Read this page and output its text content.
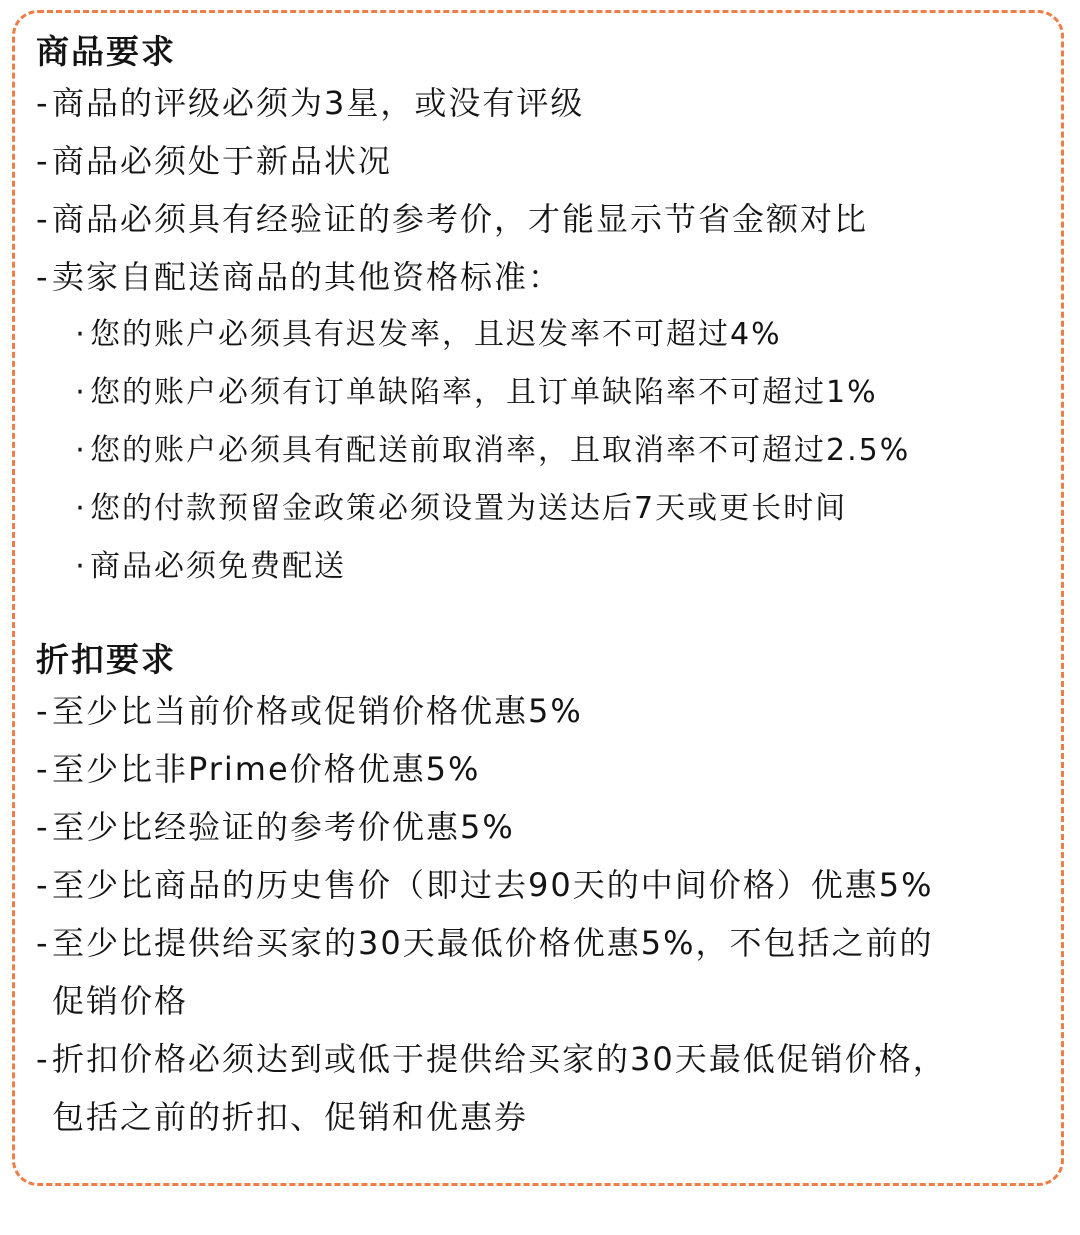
商品要求

-商品的评级必须为3星，或没有评级

-商品必须处于新品状况

-商品必须具有经验证的参考价，才能显示节省金额对比

-卖家自配送商品的其他资格标准：

· 您的账户必须具有迟发率，且迟发率不可超过4%

· 您的账户必须有订单缺陷率，且订单缺陷率不可超过1%

· 您的账户必须具有配送前取消率，且取消率不可超过2.5%

· 您的付款预留金政策必须设置为送达后7天或更长时间

· 商品必须免费配送

折扣要求

-至少比当前价格或促销价格优惠5%

-至少比非Prime价格优惠5%

-至少比经验证的参考价优惠5%

-至少比商品的历史售价（即过去90天的中间价格）优惠5%

-至少比提供给买家的30天最低价格优惠5%，不包括之前的

促销价格

-折扣价格必须达到或低于提供给买家的30天最低促销价格，

包括之前的折扣、促销和优惠券
